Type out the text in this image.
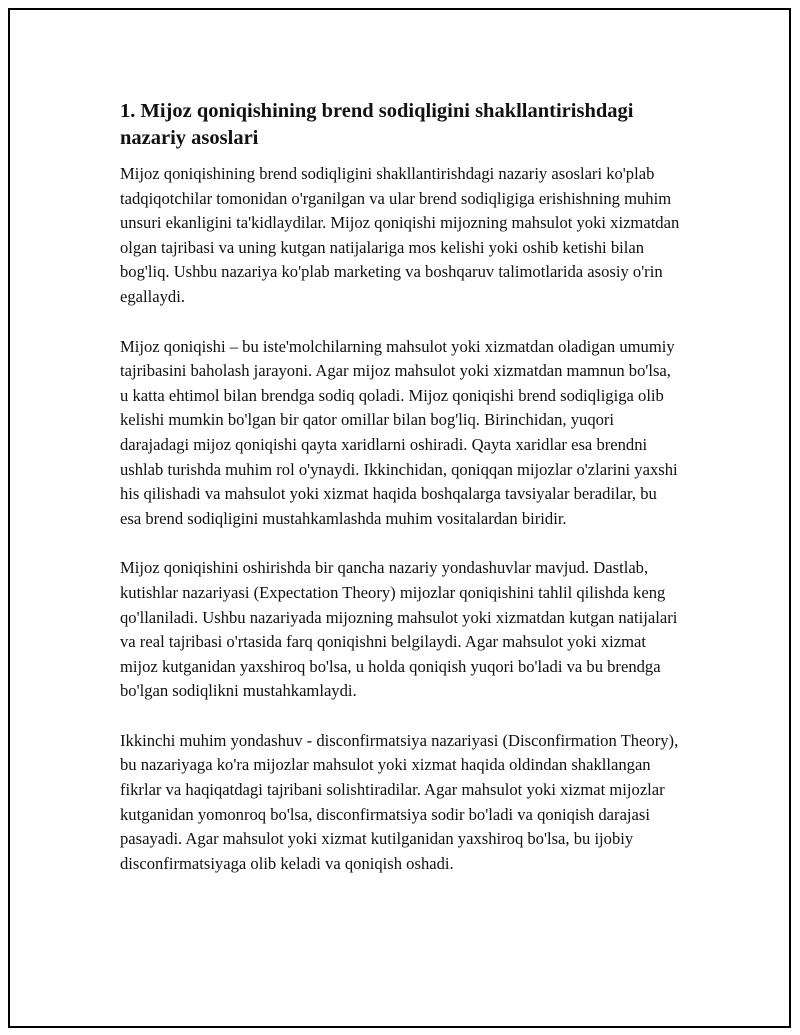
1. Mijoz qoniqishining brend sodiqligini shakllantirishdagi nazariy asoslari

Mijoz qoniqishining brend sodiqligini shakllantirishdagi nazariy asoslari ko'plab tadqiqotchilar tomonidan o'rganilgan va ular brend sodiqligiga erishishning muhim unsuri ekanligini ta'kidlaydilar. Mijoz qoniqishi mijozning mahsulot yoki xizmatdan olgan tajribasi va uning kutgan natijalariga mos kelishi yoki oshib ketishi bilan bog'liq. Ushbu nazariya ko'plab marketing va boshqaruv talimotlarida asosiy o'rin egallaydi.

Mijoz qoniqishi – bu iste'molchilarning mahsulot yoki xizmatdan oladigan umumiy tajribasini baholash jarayoni. Agar mijoz mahsulot yoki xizmatdan mamnun bo'lsa, u katta ehtimol bilan brendga sodiq qoladi. Mijoz qoniqishi brend sodiqligiga olib kelishi mumkin bo'lgan bir qator omillar bilan bog'liq. Birinchidan, yuqori darajadagi mijoz qoniqishi qayta xaridlarni oshiradi. Qayta xaridlar esa brendni ushlab turishda muhim rol o'ynaydi. Ikkinchidan, qoniqqan mijozlar o'zlarini yaxshi his qilishadi va mahsulot yoki xizmat haqida boshqalarga tavsiyalar beradilar, bu esa brend sodiqligini mustahkamlashda muhim vositalardan biridir.

Mijoz qoniqishini oshirishda bir qancha nazariy yondashuvlar mavjud. Dastlab, kutishlar nazariyasi (Expectation Theory) mijozlar qoniqishini tahlil qilishda keng qo'llaniladi. Ushbu nazariyada mijozning mahsulot yoki xizmatdan kutgan natijalari va real tajribasi o'rtasida farq qoniqishni belgilaydi. Agar mahsulot yoki xizmat mijoz kutganidan yaxshiroq bo'lsa, u holda qoniqish yuqori bo'ladi va bu brendga bo'lgan sodiqlikni mustahkamlaydi.

Ikkinchi muhim yondashuv - disconfirmatsiya nazariyasi (Disconfirmation Theory), bu nazariyaga ko'ra mijozlar mahsulot yoki xizmat haqida oldindan shakllangan fikrlar va haqiqatdagi tajribani solishtiradilar. Agar mahsulot yoki xizmat mijozlar kutganidan yomonroq bo'lsa, disconfirmatsiya sodir bo'ladi va qoniqish darajasi pasayadi. Agar mahsulot yoki xizmat kutilganidan yaxshiroq bo'lsa, bu ijobiy disconfirmatsiyaga olib keladi va qoniqish oshadi.
